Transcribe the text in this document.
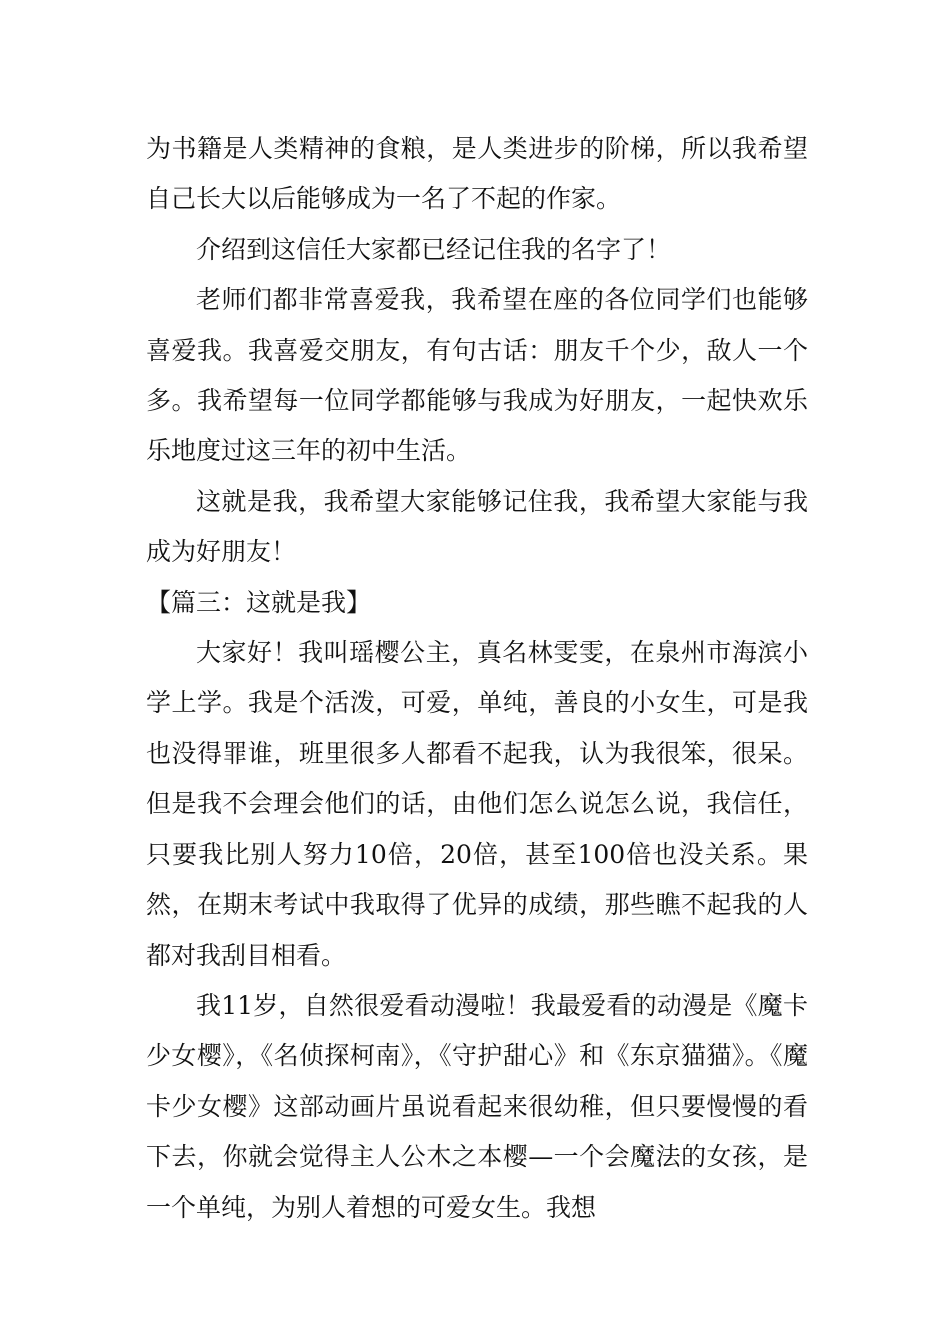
为书籍是人类精神的食粮，是人类进步的阶梯，所以我希望自己长大以后能够成为一名了不起的作家。

介绍到这信任大家都已经记住我的名字了！

老师们都非常喜爱我，我希望在座的各位同学们也能够喜爱我。我喜爱交朋友，有句古话：朋友千个少，敌人一个多。我希望每一位同学都能够与我成为好朋友，一起快欢乐乐地度过这三年的初中生活。

这就是我，我希望大家能够记住我，我希望大家能与我成为好朋友！

【篇三：这就是我】

大家好！我叫瑶樱公主，真名林雯雯，在泉州市海滨小学上学。我是个活泼，可爱，单纯，善良的小女生，可是我也没得罪谁，班里很多人都看不起我，认为我很笨，很呆。但是我不会理会他们的话，由他们怎么说怎么说，我信任，只要我比别人努力10倍，20倍，甚至100倍也没关系。果然，在期末考试中我取得了优异的成绩，那些瞧不起我的人都对我刮目相看。

我11岁，自然很爱看动漫啦！我最爱看的动漫是《魔卡少女樱》，《名侦探柯南》，《守护甜心》和《东京猫猫》。《魔卡少女樱》这部动画片虽说看起来很幼稚，但只要慢慢的看下去，你就会觉得主人公木之本樱—一个会魔法的女孩，是一个单纯，为别人着想的可爱女生。我想
